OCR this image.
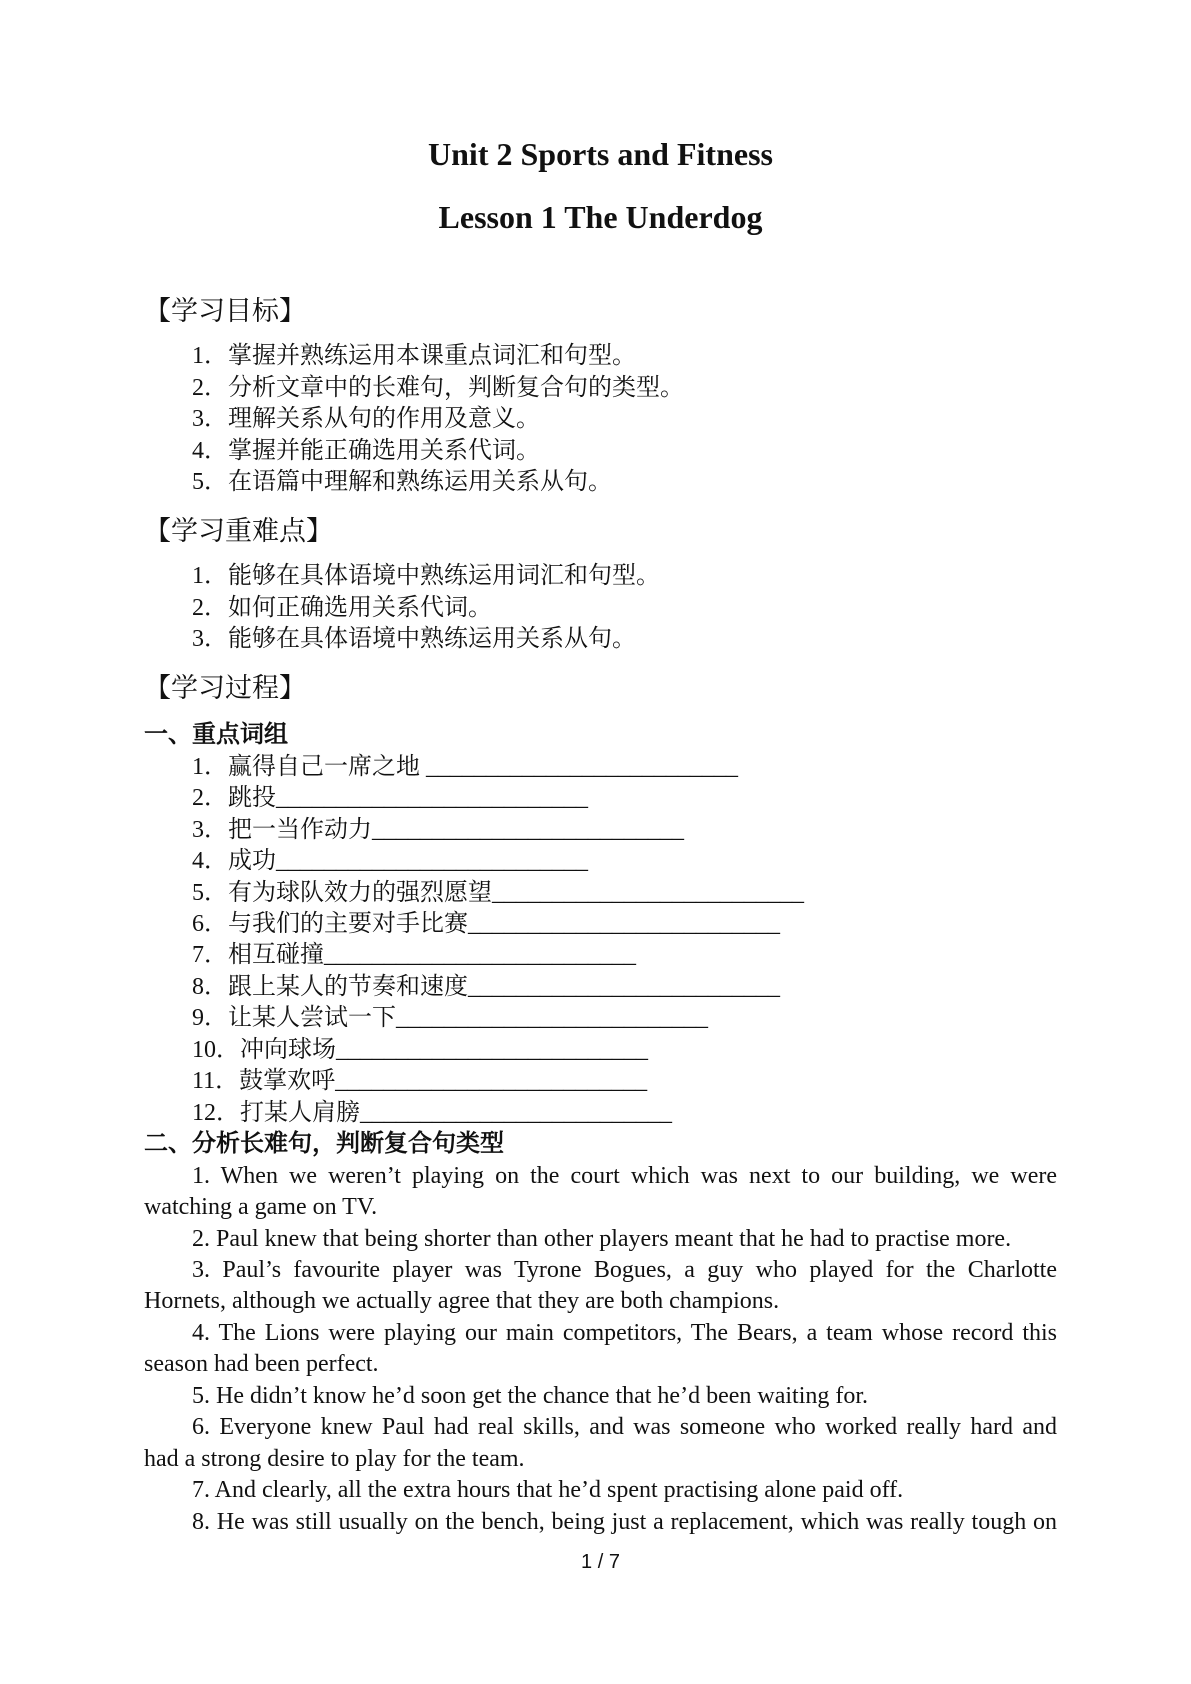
Unit 2 Sports and Fitness
Lesson 1 The Underdog
【学习目标】
1．掌握并熟练运用本课重点词汇和句型。
2．分析文章中的长难句，判断复合句的类型。
3．理解关系从句的作用及意义。
4．掌握并能正确选用关系代词。
5．在语篇中理解和熟练运用关系从句。
【学习重难点】
1．能够在具体语境中熟练运用词汇和句型。
2．如何正确选用关系代词。
3．能够在具体语境中熟练运用关系从句。
【学习过程】
一、重点词组
1．赢得自己一席之地 __________________________
2．跳投__________________________
3．把一当作动力__________________________
4．成功__________________________
5．有为球队效力的强烈愿望__________________________
6．与我们的主要对手比赛__________________________
7．相互碰撞__________________________
8．跟上某人的节奏和速度__________________________
9．让某人尝试一下__________________________
10．冲向球场__________________________
11．鼓掌欢呼__________________________
12．打某人肩膀__________________________
二、分析长难句，判断复合句类型
1. When we weren’t playing on the court which was next to our building, we were
watching a game on TV.
2. Paul knew that being shorter than other players meant that he had to practise more.
3. Paul’s favourite player was Tyrone Bogues, a guy who played for the Charlotte
Hornets, although we actually agree that they are both champions.
4. The Lions were playing our main competitors, The Bears, a team whose record this
season had been perfect.
5. He didn’t know he’d soon get the chance that he’d been waiting for.
6. Everyone knew Paul had real skills, and was someone who worked really hard and
had a strong desire to play for the team.
7. And clearly, all the extra hours that he’d spent practising alone paid off.
8. He was still usually on the bench, being just a replacement, which was really tough on
1 / 7
